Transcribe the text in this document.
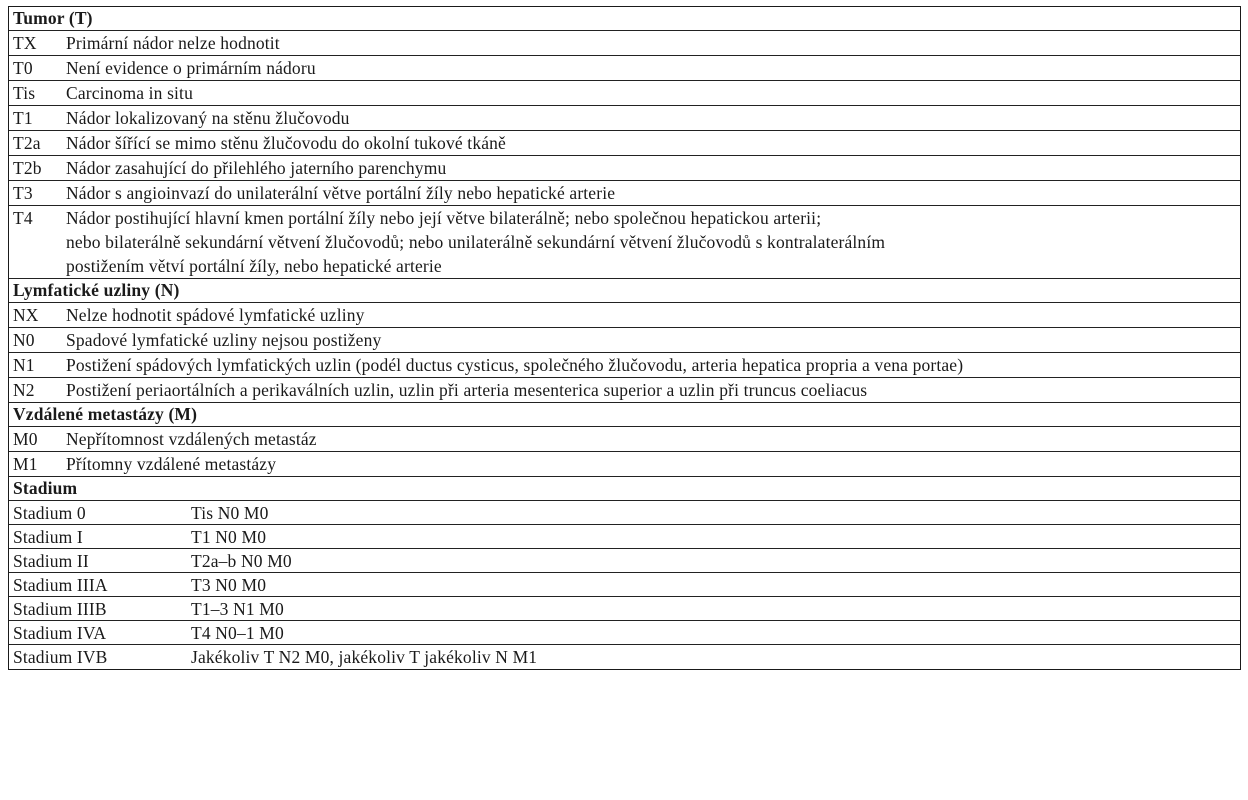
Tumor (T)
TX	Primární nádor nelze hodnotit
T0	Není evidence o primárním nádoru
Tis	Carcinoma in situ
T1	Nádor lokalizovaný na stěnu žlučovodu
T2a	Nádor šířící se mimo stěnu žlučovodu do okolní tukové tkáně
T2b	Nádor zasahující do přilehlého jaterního parenchymu
T3	Nádor s angioinvazí do unilaterální větve portální žíly nebo hepatické arterie
T4	Nádor postihující hlavní kmen portální žíly nebo její větve bilaterálně; nebo společnou hepatickou arterii;
nebo bilaterálně sekundární větvení žlučovodů; nebo unilaterálně sekundární větvení žlučovodů s kontralaterálním
postižením větví portální žíly, nebo hepatické arterie
Lymfatické uzliny (N)
NX	Nelze hodnotit spádové lymfatické uzliny
N0	Spadové lymfatické uzliny nejsou postiženy
N1	Postižení spádových lymfatických uzlin (podél ductus cysticus, společného žlučovodu, arteria hepatica propria a vena portae)
N2	Postižení periaortálních a perikaválních uzlin, uzlin při arteria mesenterica superior a uzlin při truncus coeliacus
Vzdálené metastázy (M)
M0	Nepřítomnost vzdálených metastáz
M1	Přítomny vzdálené metastázy
Stadium
Stadium 0	Tis N0 M0
Stadium I	T1 N0 M0
Stadium II	T2a–b N0 M0
Stadium IIIA	T3 N0 M0
Stadium IIIB	T1–3 N1 M0
Stadium IVA	T4 N0–1 M0
Stadium IVB	Jakékoliv T N2 M0, jakékoliv T jakékoliv N M1
